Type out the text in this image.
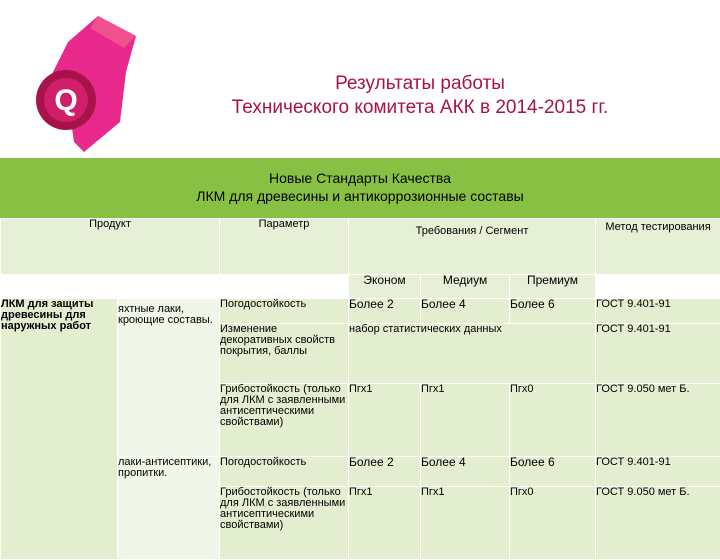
Q
Результаты работы
Технического комитета АКК в 2014-2015 гг.
Новые Стандарты Качества
ЛКМ для древесины и антикоррозионные составы
Продукт		Параметр	Требования / Сегмент			Метод тестирования

			Эконом	Медиум	Премиум	
ЛКМ для защиты древесины для наружных работ	яхтные лаки, кроющие составы.	Погодостойкость	Более 2	Более 4	Более 6	ГОСТ 9.401-91
		Изменение декоративных свойств покрытия, баллы	набор статистических данных			ГОСТ 9.401-91
		Грибостойкость (только для ЛКМ с заявленными антисептическими свойствами)	Пгх1	Пгх1	Пгх0	ГОСТ 9.050 мет Б.
	лаки-антисептики, пропитки.	Погодостойкость	Более 2	Более 4	Более 6	ГОСТ 9.401-91
		Грибостойкость (только для ЛКМ с заявленными антисептическими свойствами)	Пгх1	Пгх1	Пгх0	ГОСТ 9.050 мет Б.
